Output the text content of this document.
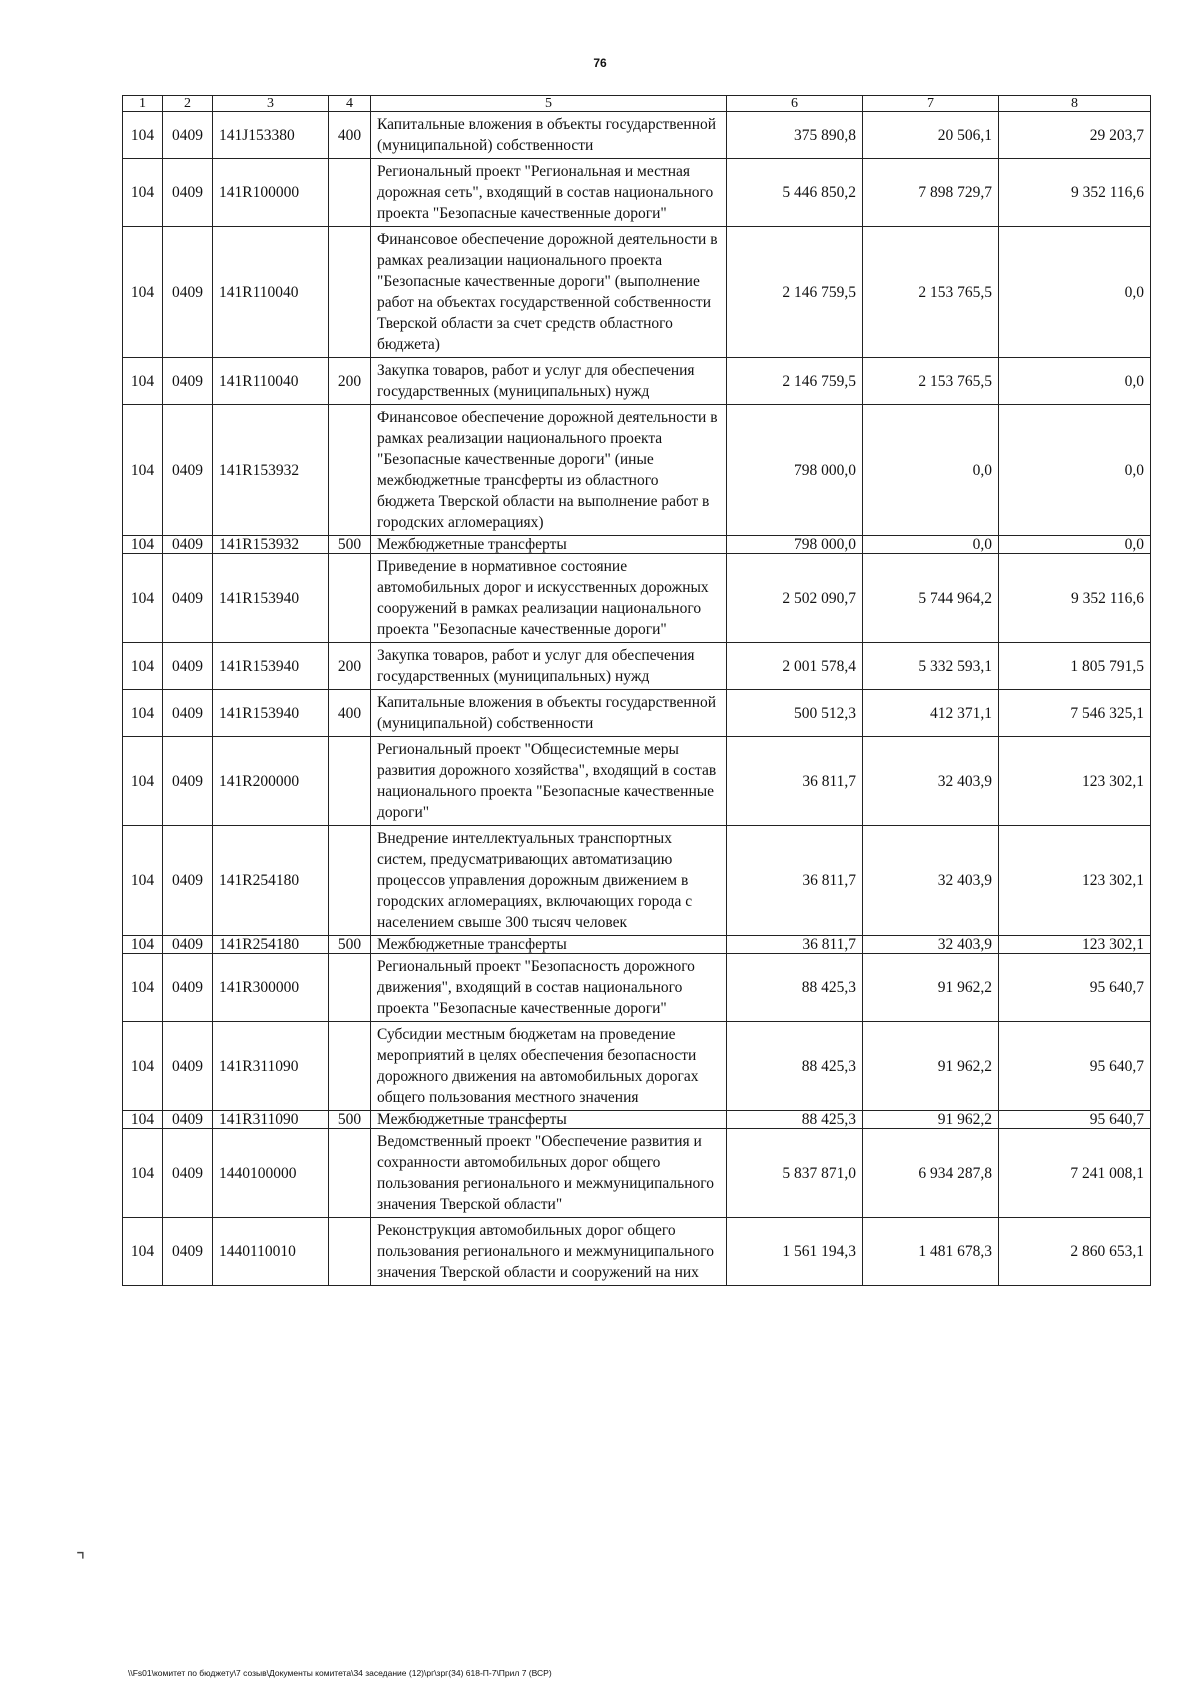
76
1	2	3	4	5	6	7	8
104	0409	141J153380	400	Капитальные вложения в объекты государственной (муниципальной) собственности	375 890,8	20 506,1	29 203,7
104	0409	141R100000		Региональный проект "Региональная и местная дорожная сеть", входящий в состав национального проекта "Безопасные качественные дороги"	5 446 850,2	7 898 729,7	9 352 116,6
104	0409	141R110040		Финансовое обеспечение дорожной деятельности в рамках реализации национального проекта "Безопасные качественные дороги" (выполнение работ на объектах государственной собственности Тверской области за счет средств областного бюджета)	2 146 759,5	2 153 765,5	0,0
104	0409	141R110040	200	Закупка товаров, работ и услуг для обеспечения государственных (муниципальных) нужд	2 146 759,5	2 153 765,5	0,0
104	0409	141R153932		Финансовое обеспечение дорожной деятельности в рамках реализации национального проекта "Безопасные качественные дороги" (иные межбюджетные трансферты из областного бюджета Тверской области на выполнение работ в городских агломерациях)	798 000,0	0,0	0,0
104	0409	141R153932	500	Межбюджетные трансферты	798 000,0	0,0	0,0
104	0409	141R153940		Приведение в нормативное состояние автомобильных дорог и искусственных дорожных сооружений в рамках реализации национального проекта "Безопасные качественные дороги"	2 502 090,7	5 744 964,2	9 352 116,6
104	0409	141R153940	200	Закупка товаров, работ и услуг для обеспечения государственных (муниципальных) нужд	2 001 578,4	5 332 593,1	1 805 791,5
104	0409	141R153940	400	Капитальные вложения в объекты государственной (муниципальной) собственности	500 512,3	412 371,1	7 546 325,1
104	0409	141R200000		Региональный проект "Общесистемные меры развития дорожного хозяйства", входящий в состав национального проекта "Безопасные качественные дороги"	36 811,7	32 403,9	123 302,1
104	0409	141R254180		Внедрение интеллектуальных транспортных систем, предусматривающих автоматизацию процессов управления дорожным движением в городских агломерациях, включающих города с населением свыше 300 тысяч человек	36 811,7	32 403,9	123 302,1
104	0409	141R254180	500	Межбюджетные трансферты	36 811,7	32 403,9	123 302,1
104	0409	141R300000		Региональный проект "Безопасность дорожного движения", входящий в состав национального проекта "Безопасные качественные дороги"	88 425,3	91 962,2	95 640,7
104	0409	141R311090		Субсидии местным бюджетам на проведение мероприятий в целях обеспечения безопасности дорожного движения на автомобильных дорогах общего пользования местного значения	88 425,3	91 962,2	95 640,7
104	0409	141R311090	500	Межбюджетные трансферты	88 425,3	91 962,2	95 640,7
104	0409	1440100000		Ведомственный проект "Обеспечение развития и сохранности автомобильных дорог общего пользования регионального и межмуниципального значения Тверской области"	5 837 871,0	6 934 287,8	7 241 008,1
104	0409	1440110010		Реконструкция автомобильных дорог общего пользования регионального и межмуниципального значения Тверской области и сооружений на них	1 561 194,3	1 481 678,3	2 860 653,1
⌝
\\Fs01\комитет по бюджету\7 созыв\Документы комитета\34 заседание (12)\рг\зрг(34) 618-П-7\Прил 7 (ВСР)
